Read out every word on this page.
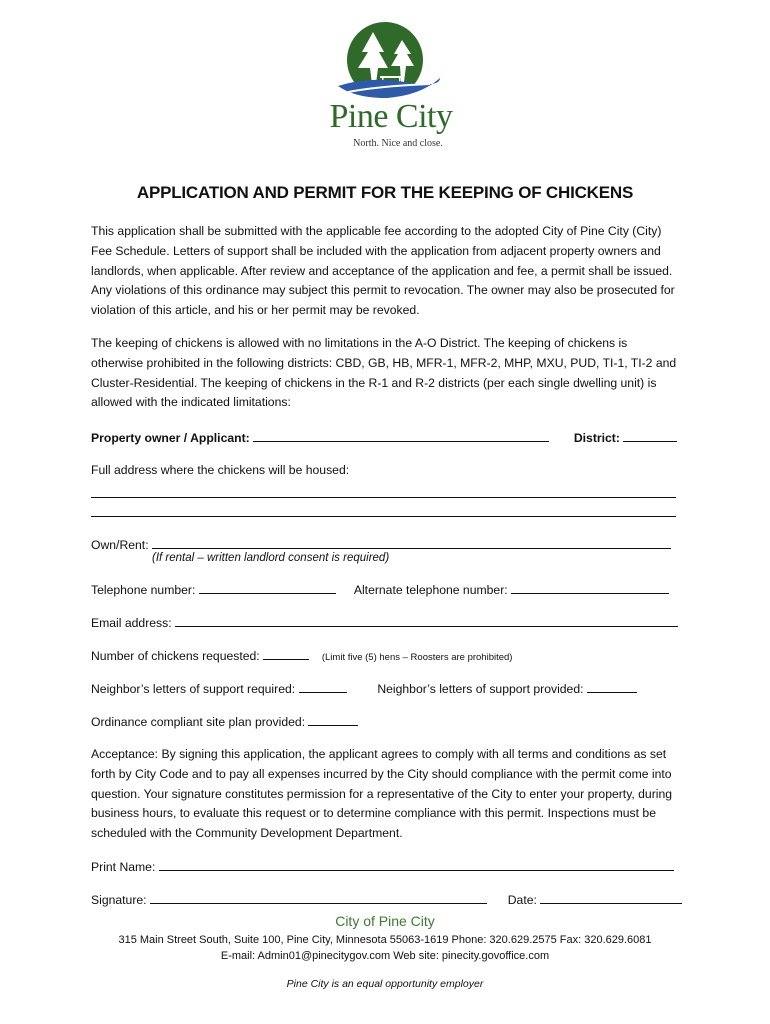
Pine City
North. Nice and close.
APPLICATION AND PERMIT FOR THE KEEPING OF CHICKENS
This application shall be submitted with the applicable fee according to the adopted City of Pine City (City) Fee Schedule. Letters of support shall be included with the application from adjacent property owners and landlords, when applicable. After review and acceptance of the application and fee, a permit shall be issued. Any violations of this ordinance may subject this permit to revocation. The owner may also be prosecuted for violation of this article, and his or her permit may be revoked.
The keeping of chickens is allowed with no limitations in the A-O District. The keeping of chickens is otherwise prohibited in the following districts: CBD, GB, HB, MFR-1, MFR-2, MHP, MXU, PUD, TI-1, TI-2 and Cluster-Residential. The keeping of chickens in the R-1 and R-2 districts (per each single dwelling unit) is allowed with the indicated limitations:
Property owner / Applicant:	District:
Full address where the chickens will be housed:
Own/Rent:
(If rental – written landlord consent is required)
Telephone number:	Alternate telephone number:
Email address:
Number of chickens requested:	(Limit five (5) hens – Roosters are prohibited)
Neighbor’s letters of support required:	Neighbor’s letters of support provided:
Ordinance compliant site plan provided:
Acceptance: By signing this application, the applicant agrees to comply with all terms and conditions as set forth by City Code and to pay all expenses incurred by the City should compliance with the permit come into question. Your signature constitutes permission for a representative of the City to enter your property, during business hours, to evaluate this request or to determine compliance with this permit. Inspections must be scheduled with the Community Development Department.
Print Name:
Signature:	Date:
City of Pine City
315 Main Street South, Suite 100, Pine City, Minnesota 55063-1619 Phone: 320.629.2575 Fax: 320.629.6081
E-mail: Admin01@pinecitygov.com Web site: pinecity.govoffice.com
Pine City is an equal opportunity employer
